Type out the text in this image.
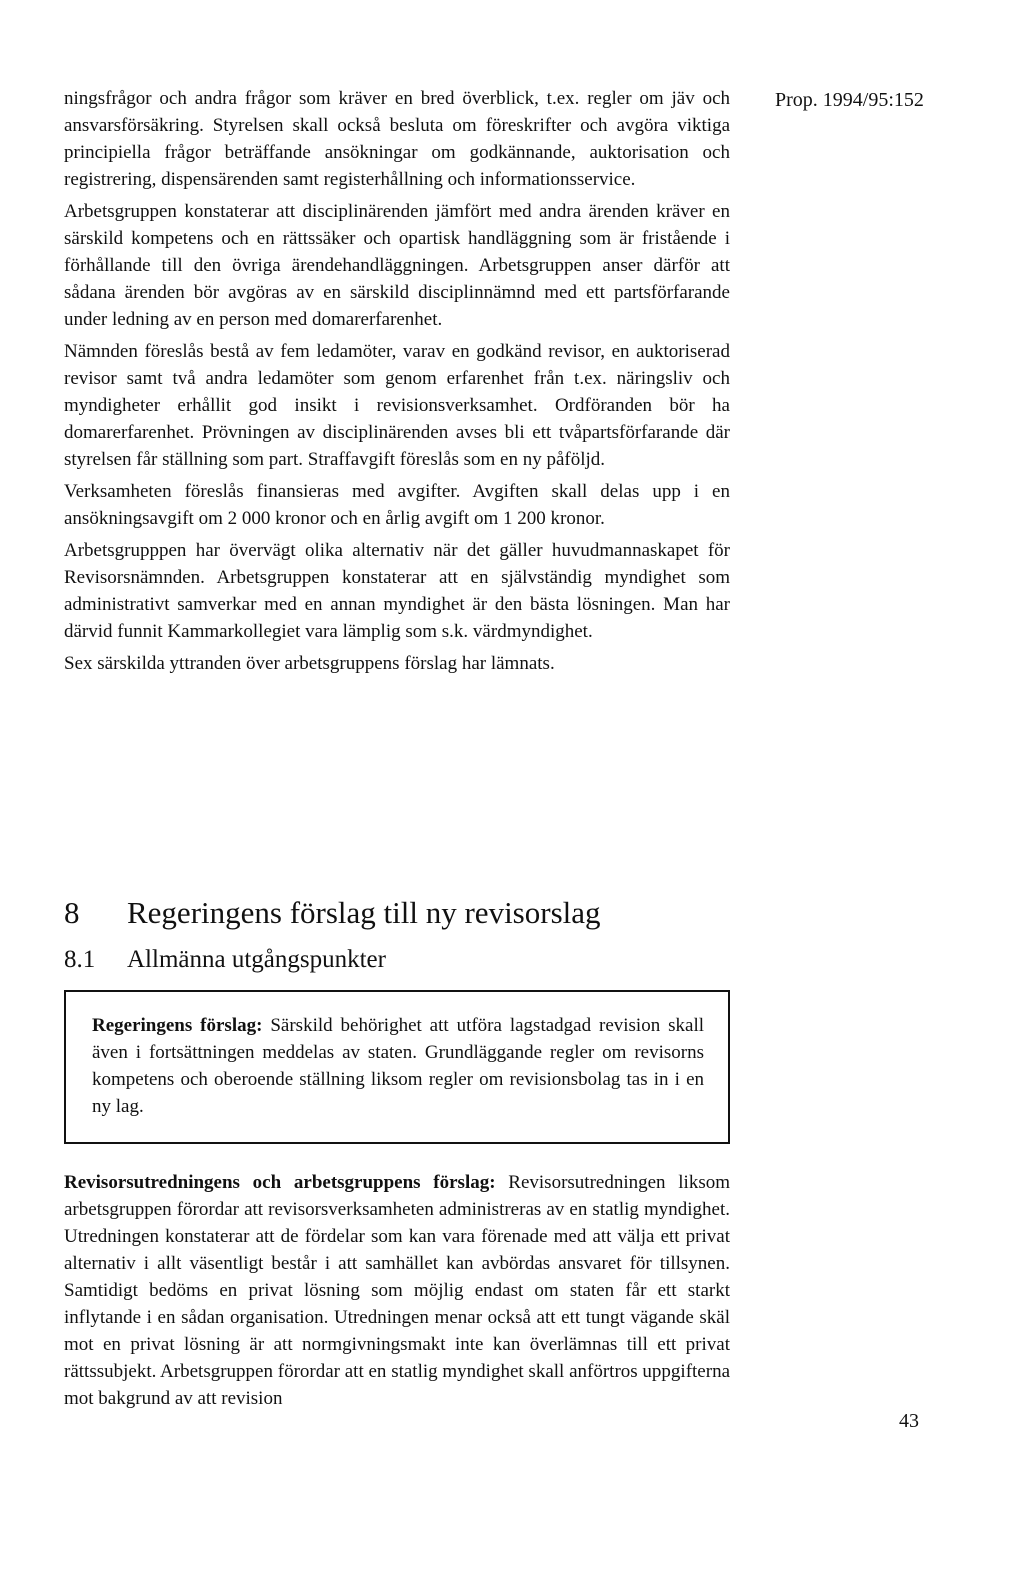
Prop. 1994/95:152

ningsfrågor och andra frågor som kräver en bred överblick, t.ex. regler om jäv och ansvarsförsäkring. Styrelsen skall också besluta om föreskrifter och avgöra viktiga principiella frågor beträffande ansökningar om godkännande, auktorisation och registrering, dispensärenden samt registerhållning och informationsservice.

Arbetsgruppen konstaterar att disciplinärenden jämfört med andra ärenden kräver en särskild kompetens och en rättssäker och opartisk handläggning som är fristående i förhållande till den övriga ärendehandläggningen. Arbetsgruppen anser därför att sådana ärenden bör avgöras av en särskild disciplinnämnd med ett partsförfarande under ledning av en person med domarerfarenhet.

Nämnden föreslås bestå av fem ledamöter, varav en godkänd revisor, en auktoriserad revisor samt två andra ledamöter som genom erfarenhet från t.ex. näringsliv och myndigheter erhållit god insikt i revisionsverksamhet. Ordföranden bör ha domarerfarenhet. Prövningen av disciplinärenden avses bli ett tvåpartsförfarande där styrelsen får ställning som part. Straffavgift föreslås som en ny påföljd.

Verksamheten föreslås finansieras med avgifter. Avgiften skall delas upp i en ansökningsavgift om 2 000 kronor och en årlig avgift om 1 200 kronor.

Arbetsgrupppen har övervägt olika alternativ när det gäller huvudmannaskapet för Revisorsnämnden. Arbetsgruppen konstaterar att en självständig myndighet som administrativt samverkar med en annan myndighet är den bästa lösningen. Man har därvid funnit Kammarkollegiet vara lämplig som s.k. värdmyndighet.

Sex särskilda yttranden över arbetsgruppens förslag har lämnats.

8 Regeringens förslag till ny revisorslag
8.1 Allmänna utgångspunkter
Regeringens förslag: Särskild behörighet att utföra lagstadgad revision skall även i fortsättningen meddelas av staten. Grundläggande regler om revisorns kompetens och oberoende ställning liksom regler om revisionsbolag tas in i en ny lag.

Revisorsutredningens och arbetsgruppens förslag: Revisorsutredningen liksom arbetsgruppen förordar att revisorsverksamheten administreras av en statlig myndighet. Utredningen konstaterar att de fördelar som kan vara förenade med att välja ett privat alternativ i allt väsentligt består i att samhället kan avbördas ansvaret för tillsynen. Samtidigt bedöms en privat lösning som möjlig endast om staten får ett starkt inflytande i en sådan organisation. Utredningen menar också att ett tungt vägande skäl mot en privat lösning är att normgivningsmakt inte kan överlämnas till ett privat rättssubjekt. Arbetsgruppen förordar att en statlig myndighet skall anförtros uppgifterna mot bakgrund av att revision

43
